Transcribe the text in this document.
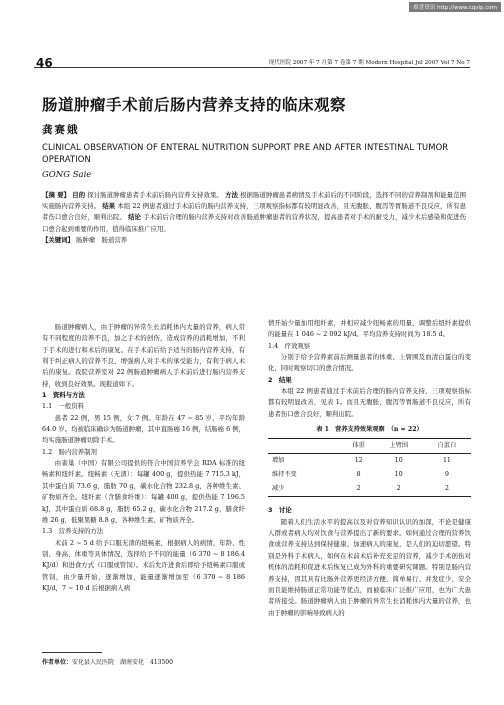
维普资讯 http://www.cqvip.com
46	现代医院 2007 年 7 月第 7 卷第 7 期 Modern Hospital Jul 2007 Vol 7 No 7
肠道肿瘤手术前后肠内营养支持的临床观察
龚赛娥
CLINICAL OBSERVATION OF ENTERAL NUTRITION SUPPORT PRE AND AFTER INTESTINAL TUMOR OPERATION
GONG Saie
【摘 要】 目的 探讨肠道肿瘤患者手术前后肠内营养支持效果。 方法 根据肠道肿瘤患者病情及手术前后的不同阶段，选择不同的营养制剂和能量范围实施肠内营养支持。 结果 本组 22 例患者通过手术前后的肠内营养支持，三项观察指标都有较明显改善，且无腹胀、腹泻等胃肠道不良反应，所有患者伤口愈合良好，顺利出院。 结论 手术前后合理的肠内营养支持对改善肠道肿瘤患者的营养状况，提高患者对手术的耐受力，减少术后感染和促进伤口愈合起到重要的作用，值得临床推广应用。
【关键词】 肠肿瘤　肠道营养

肠道肿瘤病人，由于肿瘤的异常生长消耗体内大量的营养，病人常有不同程度的营养不良，加之手术的创伤，造成营养的消耗增加，不利于手术的进行和术后的康复。在手术前后给予适当的肠内营养支持，有利于纠正病人的营养不良，增强病人对手术的承受能力，有利于病人术后的康复。我院营养室对 22 例肠道肿瘤病人手术前后进行肠内营养支持，收到良好效果。现报道如下。

1　资料与方法

1.1　一般资料

患者 22 例，男 15 例，女 7 例。年龄在 47 ~ 85 岁，平均年龄 64.0 岁。均被临床确诊为肠道肿瘤，其中直肠癌 16 例，结肠癌 6 例，均实施肠道肿瘤切除手术。

1.2　肠内营养制剂

由雀巢（中国）有限公司提供的符合中国营养学会 RDA 标准的纽畅素和纽纤素。纽畅素（无渣）：每罐 400 g，提供热能 7 715.3 kJ，其中蛋白质 73.6 g，脂肪 70 g，碳水化合物 232.8 g，各种维生素、矿物质齐全。纽纤素（含膳食纤维）：每罐 400 g，提供热能 7 196.5 kJ，其中蛋白质 68.8 g，脂肪 65.2 g，碳水化合物 217.2 g，膳食纤维 26 g，低聚果糖 8.8 g，各种维生素、矿物质齐全。

1.3　营养支持的方法

术前 2 ~ 5 d 给予口服无渣的纽畅素，根据病人的病情、年龄、性别、身高、体重等具体情况，选择给予不同的能量（6 370 ~ 8 186.4 KJ/d）和进食方式（口服或管饲）。术后允许进食后即给予纽畅素口服或管饲，由少量开始，逐渐增加，能量逐渐增加至（6 370 ~ 8 186 KJ/d，7 ~ 10 d 后根据病人病

作者单位：安化县人民医院　湖南安化　413500

情开始少量加用纽纤素，并相应减少纽畅素的用量，调整后纽纤素提供的能量在 1 046 ~ 2 092 kJ/d。平均营养支持时间为 18.5 d。

1.4　疗效观察

分别于给予营养素前后测量患者的体重、上臂围及血清白蛋白的变化，同时观察切口的愈合情况。

2　结果

本组 22 例患者通过手术前后合理的肠内营养支持，三项观察指标都有较明显改善，见表 1。而且无腹胀、腹泻等胃肠道不良反应，所有患者伤口愈合良好，顺利出院。

表 1　营养支持效果观察　（n = 22）
	体重	上臂围	白蛋白
增加	12	10	11
维持不变	8	10	9
减少	2	2	2

3　讨论

随着人们生活水平的提高以及对营养知识认识的加深，不论是健康人群或者病人均对饮食与营养提出了新的要求。如何通过合理的营养饮食或营养支持达到保持健康、加速病人的康复，是人们的迫切愿望。特别是外科手术病人，如何在术前术后补充充足的营养，减少手术创伤对机体的消耗和促进术后恢复已成为外科的重要研究课题。特别是肠内营养支持，因其具有比肠外营养更经济方便、简单易行、并发症少、安全而且能维持肠道正常功能等优点，而被临床广泛推广应用，也为广大患者所接受。肠道肿瘤病人由于肿瘤的异常生长消耗体内大量的营养，也由于肿瘤的影响导致病人的
